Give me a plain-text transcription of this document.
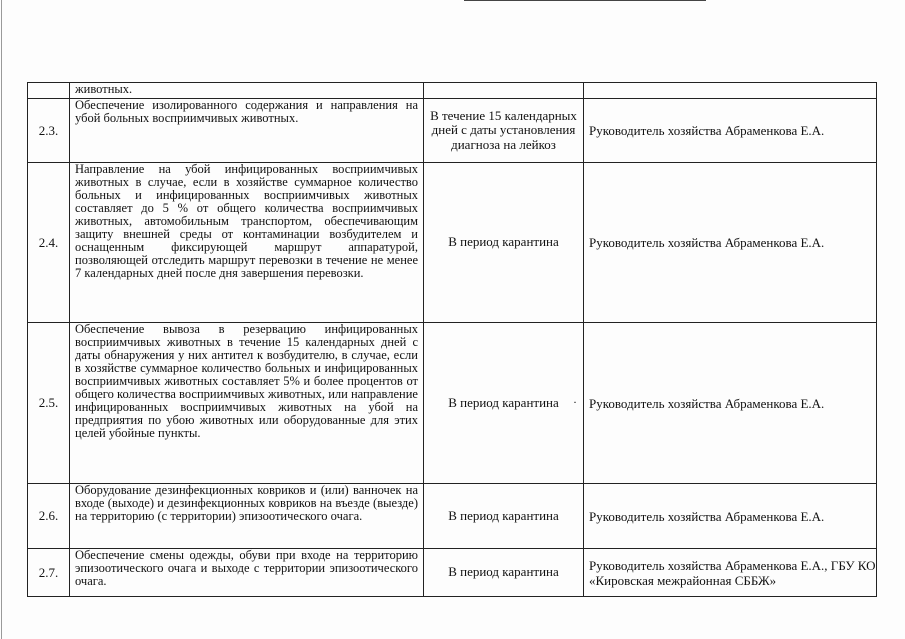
	животных.		

2.3.	Обеспечение изолированного содержания и направления на убой больных восприимчивых животных.	В течение 15 календарных дней с даты установления диагноза на лейкоз	Руководитель хозяйства Абраменкова Е.А.
2.4.	Направление на убой инфицированных восприимчивых животных в случае, если в хозяйстве суммарное количество больных и инфицированных восприимчивых животных составляет до 5 % от общего количества восприимчивых животных, автомобильным транспортом, обеспечивающим защиту внешней среды от контаминации возбудителем и оснащенным фиксирующей маршрут аппаратурой, позволяющей отследить маршрут перевозки в течение не менее 7 календарных дней после дня завершения перевозки.	В период карантина	Руководитель хозяйства Абраменкова Е.А.
2.5.	Обеспечение вывоза в резервацию инфицированных восприимчивых животных в течение 15 календарных дней с даты обнаружения у них антител к возбудителю, в случае, если в хозяйстве суммарное количество больных и инфицированных восприимчивых животных составляет 5% и более процентов от общего количества восприимчивых животных, или направление инфицированных восприимчивых животных на убой на предприятия по убою животных или оборудованные для этих целей убойные пункты.	В период карантина ·	Руководитель хозяйства Абраменкова Е.А.
2.6.	Оборудование дезинфекционных ковриков и (или) ванночек на входе (выходе) и дезинфекционных ковриков на въезде (выезде) на территорию (с территории) эпизоотического очага.	В период карантина	Руководитель хозяйства Абраменкова Е.А.
2.7.	Обеспечение смены одежды, обуви при входе на территорию эпизоотического очага и выходе с территории эпизоотического очага.	В период карантина	Руководитель хозяйства Абраменкова Е.А., ГБУ КО «Кировская межрайонная СББЖ»
